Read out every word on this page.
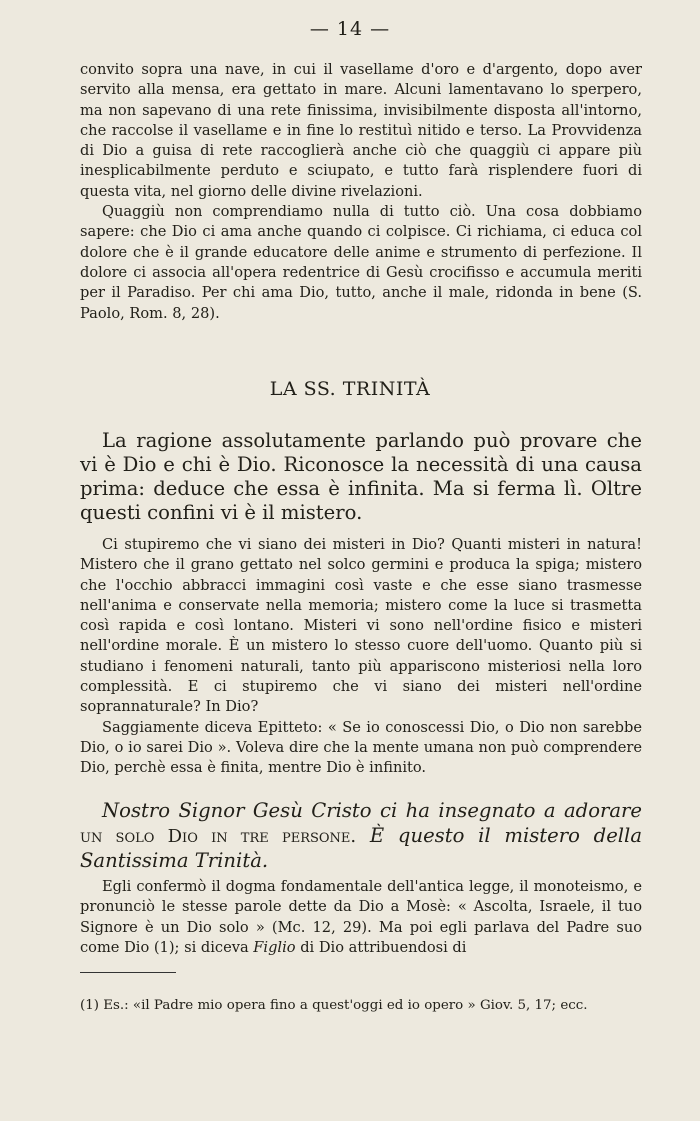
— 14 —

convito sopra una nave, in cui il vasellame d'oro e d'argento, dopo aver servito alla mensa, era gettato in mare. Alcuni lamentavano lo sperpero, ma non sapevano di una rete finissima, invisibilmente disposta all'intorno, che raccolse il vasellame e in fine lo restituì nitido e terso. La Provvidenza di Dio a guisa di rete raccoglierà anche ciò che quaggiù ci appare più inesplicabilmente perduto e sciupato, e tutto farà risplendere fuori di questa vita, nel giorno delle divine rivelazioni.

Quaggiù non comprendiamo nulla di tutto ciò. Una cosa dobbiamo sapere: che Dio ci ama anche quando ci colpisce. Ci richiama, ci educa col dolore che è il grande educatore delle anime e strumento di perfezione. Il dolore ci associa all'opera redentrice di Gesù crocifisso e accumula meriti per il Paradiso. Per chi ama Dio, tutto, anche il male, ridonda in bene (S. Paolo, Rom. 8, 28).

LA SS. TRINITÀ

La ragione assolutamente parlando può provare che vi è Dio e chi è Dio. Riconosce la necessità di una causa prima: deduce che essa è infinita. Ma si ferma lì. Oltre questi confini vi è il mistero.

Ci stupiremo che vi siano dei misteri in Dio? Quanti misteri in natura! Mistero che il grano gettato nel solco germini e produca la spiga; mistero che l'occhio abbracci immagini così vaste e che esse siano trasmesse nell'anima e conservate nella memoria; mistero come la luce si trasmetta così rapida e così lontano. Misteri vi sono nell'ordine fisico e misteri nell'ordine morale. È un mistero lo stesso cuore dell'uomo. Quanto più si studiano i fenomeni naturali, tanto più appariscono misteriosi nella loro complessità. E ci stupiremo che vi siano dei misteri nell'ordine soprannaturale? In Dio?

Saggiamente diceva Epitteto: « Se io conoscessi Dio, o Dio non sarebbe Dio, o io sarei Dio ». Voleva dire che la mente umana non può comprendere Dio, perchè essa è finita, mentre Dio è infinito.

Nostro Signor Gesù Cristo ci ha insegnato a adorare un solo Dio in tre persone. È questo il mistero della Santissima Trinità.

Egli confermò il dogma fondamentale dell'antica legge, il monoteismo, e pronunciò le stesse parole dette da Dio a Mosè: « Ascolta, Israele, il tuo Signore è un Dio solo » (Mc. 12, 29). Ma poi egli parlava del Padre suo come Dio (1); si diceva Figlio di Dio attribuendosi di

(1) Es.: «il Padre mio opera fino a quest'oggi ed io opero » Giov. 5, 17; ecc.
